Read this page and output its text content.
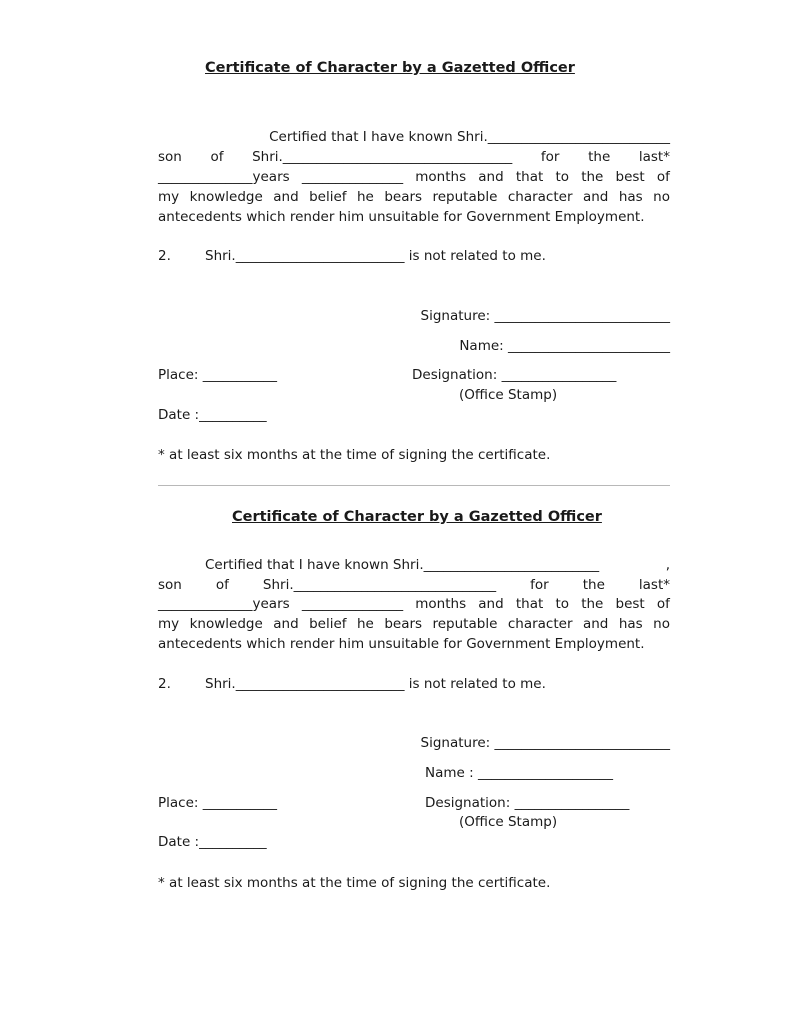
Certificate of Character by a Gazetted Officer
Certified that I have known Shri.___________________________
son of Shri.__________________________________ for the last*
______________years _______________ months and that to the best of
my knowledge and belief he bears reputable character and has no
antecedents which render him unsuitable for Government Employment.
2.	Shri._________________________ is not related to me.
Signature: __________________________
Name: ________________________
Place: ___________	Designation: _________________
(Office Stamp)
Date :__________
* at least six months at the time of signing the certificate.
Certificate of Character by a Gazetted Officer
Certified that I have known Shri.__________________________	,
son	of	Shri.______________________________	for	the	last*
______________years _______________ months and that to the best of
my knowledge and belief he bears reputable character and has no
antecedents which render him unsuitable for Government Employment.
2.	Shri._________________________ is not related to me.
Signature: __________________________
Name : ____________________
Place: ___________	Designation: _________________
(Office Stamp)
Date :__________
* at least six months at the time of signing the certificate.
